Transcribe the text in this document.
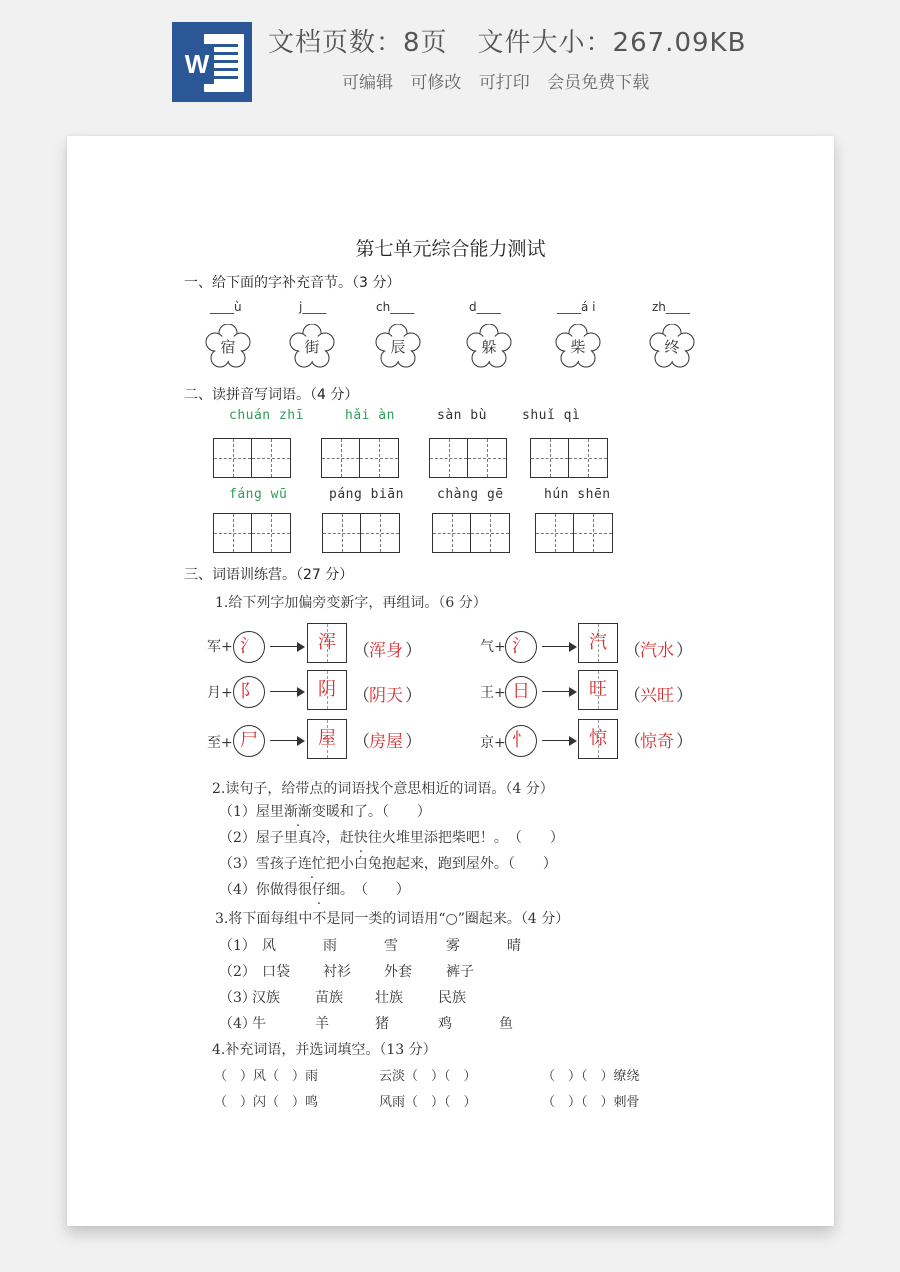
W
文档页数：8页 文件大小：267.09KB
可编辑 可修改 可打印 会员免费下载
第七单元综合能力测试
一、给下面的字补充音节。（3 分）
____ù	j____	ch____	d____	____á i	zh____
宿	街	辰	躲	柴	终
二、读拼音写词语。（4 分）
chuán zhī	hǎi àn	sàn bù	shuǐ qì
fáng wū	páng biān	chàng gē	hún shēn
三、词语训练营。（27 分）
1.给下列字加偏旁变新字，再组词。（6 分）
军+ 氵	浑	（ 浑身 ）
月+ 阝	阴	（ 阴天 ）
至+ 尸	屋	（ 房屋 ）
气+ 氵	汽	（ 汽水 ）
王+ 日	旺	（ 兴旺 ）
京+ 忄	惊	（ 惊奇 ）
2.读句子，给带点的词语找个意思相近的词语。（4 分）
（1）屋里渐渐变暖和了。（　　）
（2）屋子里真冷，赶快往火堆里添把柴吧！。　（　　）
（3）雪孩子连忙把小白兔抱起来，跑到屋外。（　　）
（4）你做得很仔细。　（　　）
3.将下面每组中不是同一类的词语用“○”圈起来。（4 分）
（1） 风	雨	雪	雾	晴
（2） 口袋 衬衫 外套 裤子
（3）
汉族	苗族 壮族	民族
（4）
牛	羊	猪	鸡	鱼
4.补充词语，并选词填空。（13 分）
（　）风（　）雨	云淡（　）（　）	（　）（　）缭绕
（　）闪（　）鸣	风雨（　）（　）	（　）（　）刺骨
